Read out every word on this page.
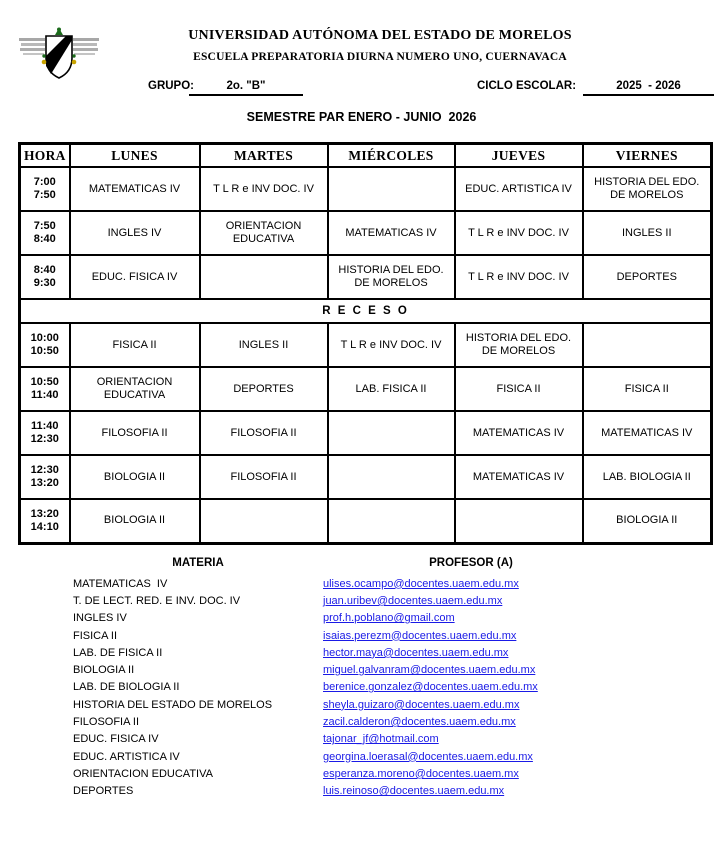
UNIVERSIDAD AUTÓNOMA DEL ESTADO DE MORELOS
ESCUELA PREPARATORIA DIURNA NUMERO UNO, CUERNAVACA
GRUPO:	2o. "B"	CICLO ESCOLAR:	2025  - 2026
SEMESTRE PAR ENERO - JUNIO  2026
HORA	LUNES	MARTES	MIÉRCOLES	JUEVES	VIERNES

7:00
7:50	MATEMATICAS IV	T L R e INV DOC. IV		EDUC. ARTISTICA IV	HISTORIA DEL EDO. DE MORELOS

7:50
8:40	INGLES IV	ORIENTACION EDUCATIVA	MATEMATICAS IV	T L R e INV DOC. IV	INGLES II

8:40
9:30	EDUC. FISICA IV		HISTORIA DEL EDO. DE MORELOS	T L R e INV DOC. IV	DEPORTES
R E C E S O					

10:00
10:50	FISICA II	INGLES II	T L R e INV DOC. IV	HISTORIA DEL EDO. DE MORELOS	

10:50
11:40	ORIENTACION EDUCATIVA	DEPORTES	LAB. FISICA II	FISICA II	FISICA II

11:40
12:30	FILOSOFIA II	FILOSOFIA II		MATEMATICAS IV	MATEMATICAS IV

12:30
13:20	BIOLOGIA II	FILOSOFIA II		MATEMATICAS IV	LAB. BIOLOGIA II

13:20
14:10	BIOLOGIA II				BIOLOGIA II
MATERIA	PROFESOR (A)
MATEMATICAS  IV	ulises.ocampo@docentes.uaem.edu.mx
T. DE LECT. RED. E INV. DOC. IV	juan.uribev@docentes.uaem.edu.mx
INGLES IV	prof.h.poblano@gmail.com
FISICA II	isaias.perezm@docentes.uaem.edu.mx
LAB. DE FISICA II	hector.maya@docentes.uaem.edu.mx
BIOLOGIA II	miguel.galvanram@docentes.uaem.edu.mx
LAB. DE BIOLOGIA II	berenice.gonzalez@docentes.uaem.edu.mx
HISTORIA DEL ESTADO DE MORELOS	sheyla.guizaro@docentes.uaem.edu.mx
FILOSOFIA II	zacil.calderon@docentes.uaem.edu.mx
EDUC. FISICA IV	tajonar_jf@hotmail.com
EDUC. ARTISTICA IV	georgina.loerasal@docentes.uaem.edu.mx
ORIENTACION EDUCATIVA	esperanza.moreno@docentes.uaem.mx
DEPORTES	luis.reinoso@docentes.uaem.edu.mx
